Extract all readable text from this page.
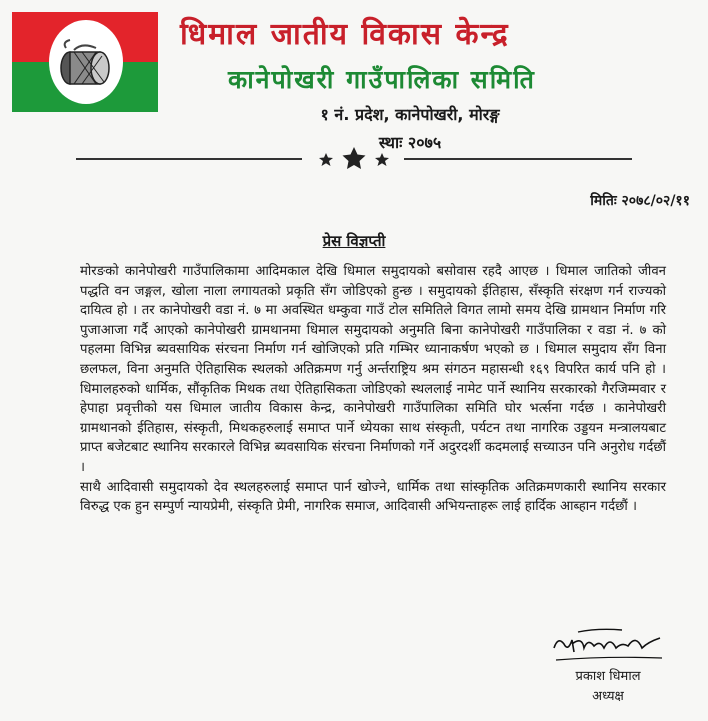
धिमाल जातीय विकास केन्द्र
कानेपोखरी गाउँपालिका समिति
१ नं. प्रदेश, कानेपोखरी, मोरङ्ग
स्थाः २०७५
मितिः २०७८/०२/११
प्रेस विज्ञप्ती

मोरङको कानेपोखरी गाउँपालिकामा आदिमकाल देखि धिमाल समुदायको बसोवास रहदै आएछ । धिमाल जातिको जीवन पद्धति वन जङ्गल, खोला नाला लगायतको प्रकृति सँग जोडिएको हुन्छ । समुदायको ईतिहास, सँस्कृति संरक्षण गर्न राज्यको दायित्व हो । तर कानेपोखरी वडा नं. ७ मा अवस्थित धम्कुवा गाउँ टोल समितिले विगत लामो समय देखि ग्रामथान निर्माण गरि पुजाआजा गर्दै आएको कानेपोखरी ग्रामथानमा धिमाल समुदायको अनुमति बिना कानेपोखरी गाउँपालिका र वडा नं. ७ को पहलमा विभिन्न ब्यवसायिक संरचना निर्माण गर्न खोजिएको प्रति गम्भिर ध्यानाकर्षण भएको छ । धिमाल समुदाय सँग विना छलफल, विना अनुमति ऐतिहासिक स्थलको अतिक्रमण गर्नु अर्न्तराष्ट्रिय श्रम संगठन महासन्धी १६९ विपरित कार्य पनि हो । धिमालहरुको धार्मिक, सौंकृतिक मिथक तथा ऐतिहासिकता जोडिएको स्थललाई नामेट पार्ने स्थानिय सरकारको गैरजिम्मवार र हेपाहा प्रवृत्तीको यस धिमाल जातीय विकास केन्द्र, कानेपोखरी गाउँपालिका समिति घोर भर्त्सना गर्दछ । कानेपोखरी ग्रामथानको ईतिहास, संस्कृती, मिथकहरुलाई समाप्त पार्ने ध्येयका साथ संस्कृती, पर्यटन तथा नागरिक उड्डयन मन्त्रालयबाट प्राप्त बजेटबाट स्थानिय सरकारले विभिन्न ब्यवसायिक संरचना निर्माणको गर्ने अदुरदर्शी कदमलाई सच्याउन पनि अनुरोध गर्दछौं ।

साथै आदिवासी समुदायको देव स्थलहरुलाई समाप्त पार्न खोज्ने, धार्मिक तथा सांस्कृतिक अतिक्रमणकारी स्थानिय सरकार विरुद्ध एक हुन सम्पुर्ण न्यायप्रेमी, संस्कृति प्रेमी, नागरिक समाज, आदिवासी अभियन्ताहरू लाई हार्दिक आब्हान गर्दछौं ।

प्रकाश धिमाल
अध्यक्ष
